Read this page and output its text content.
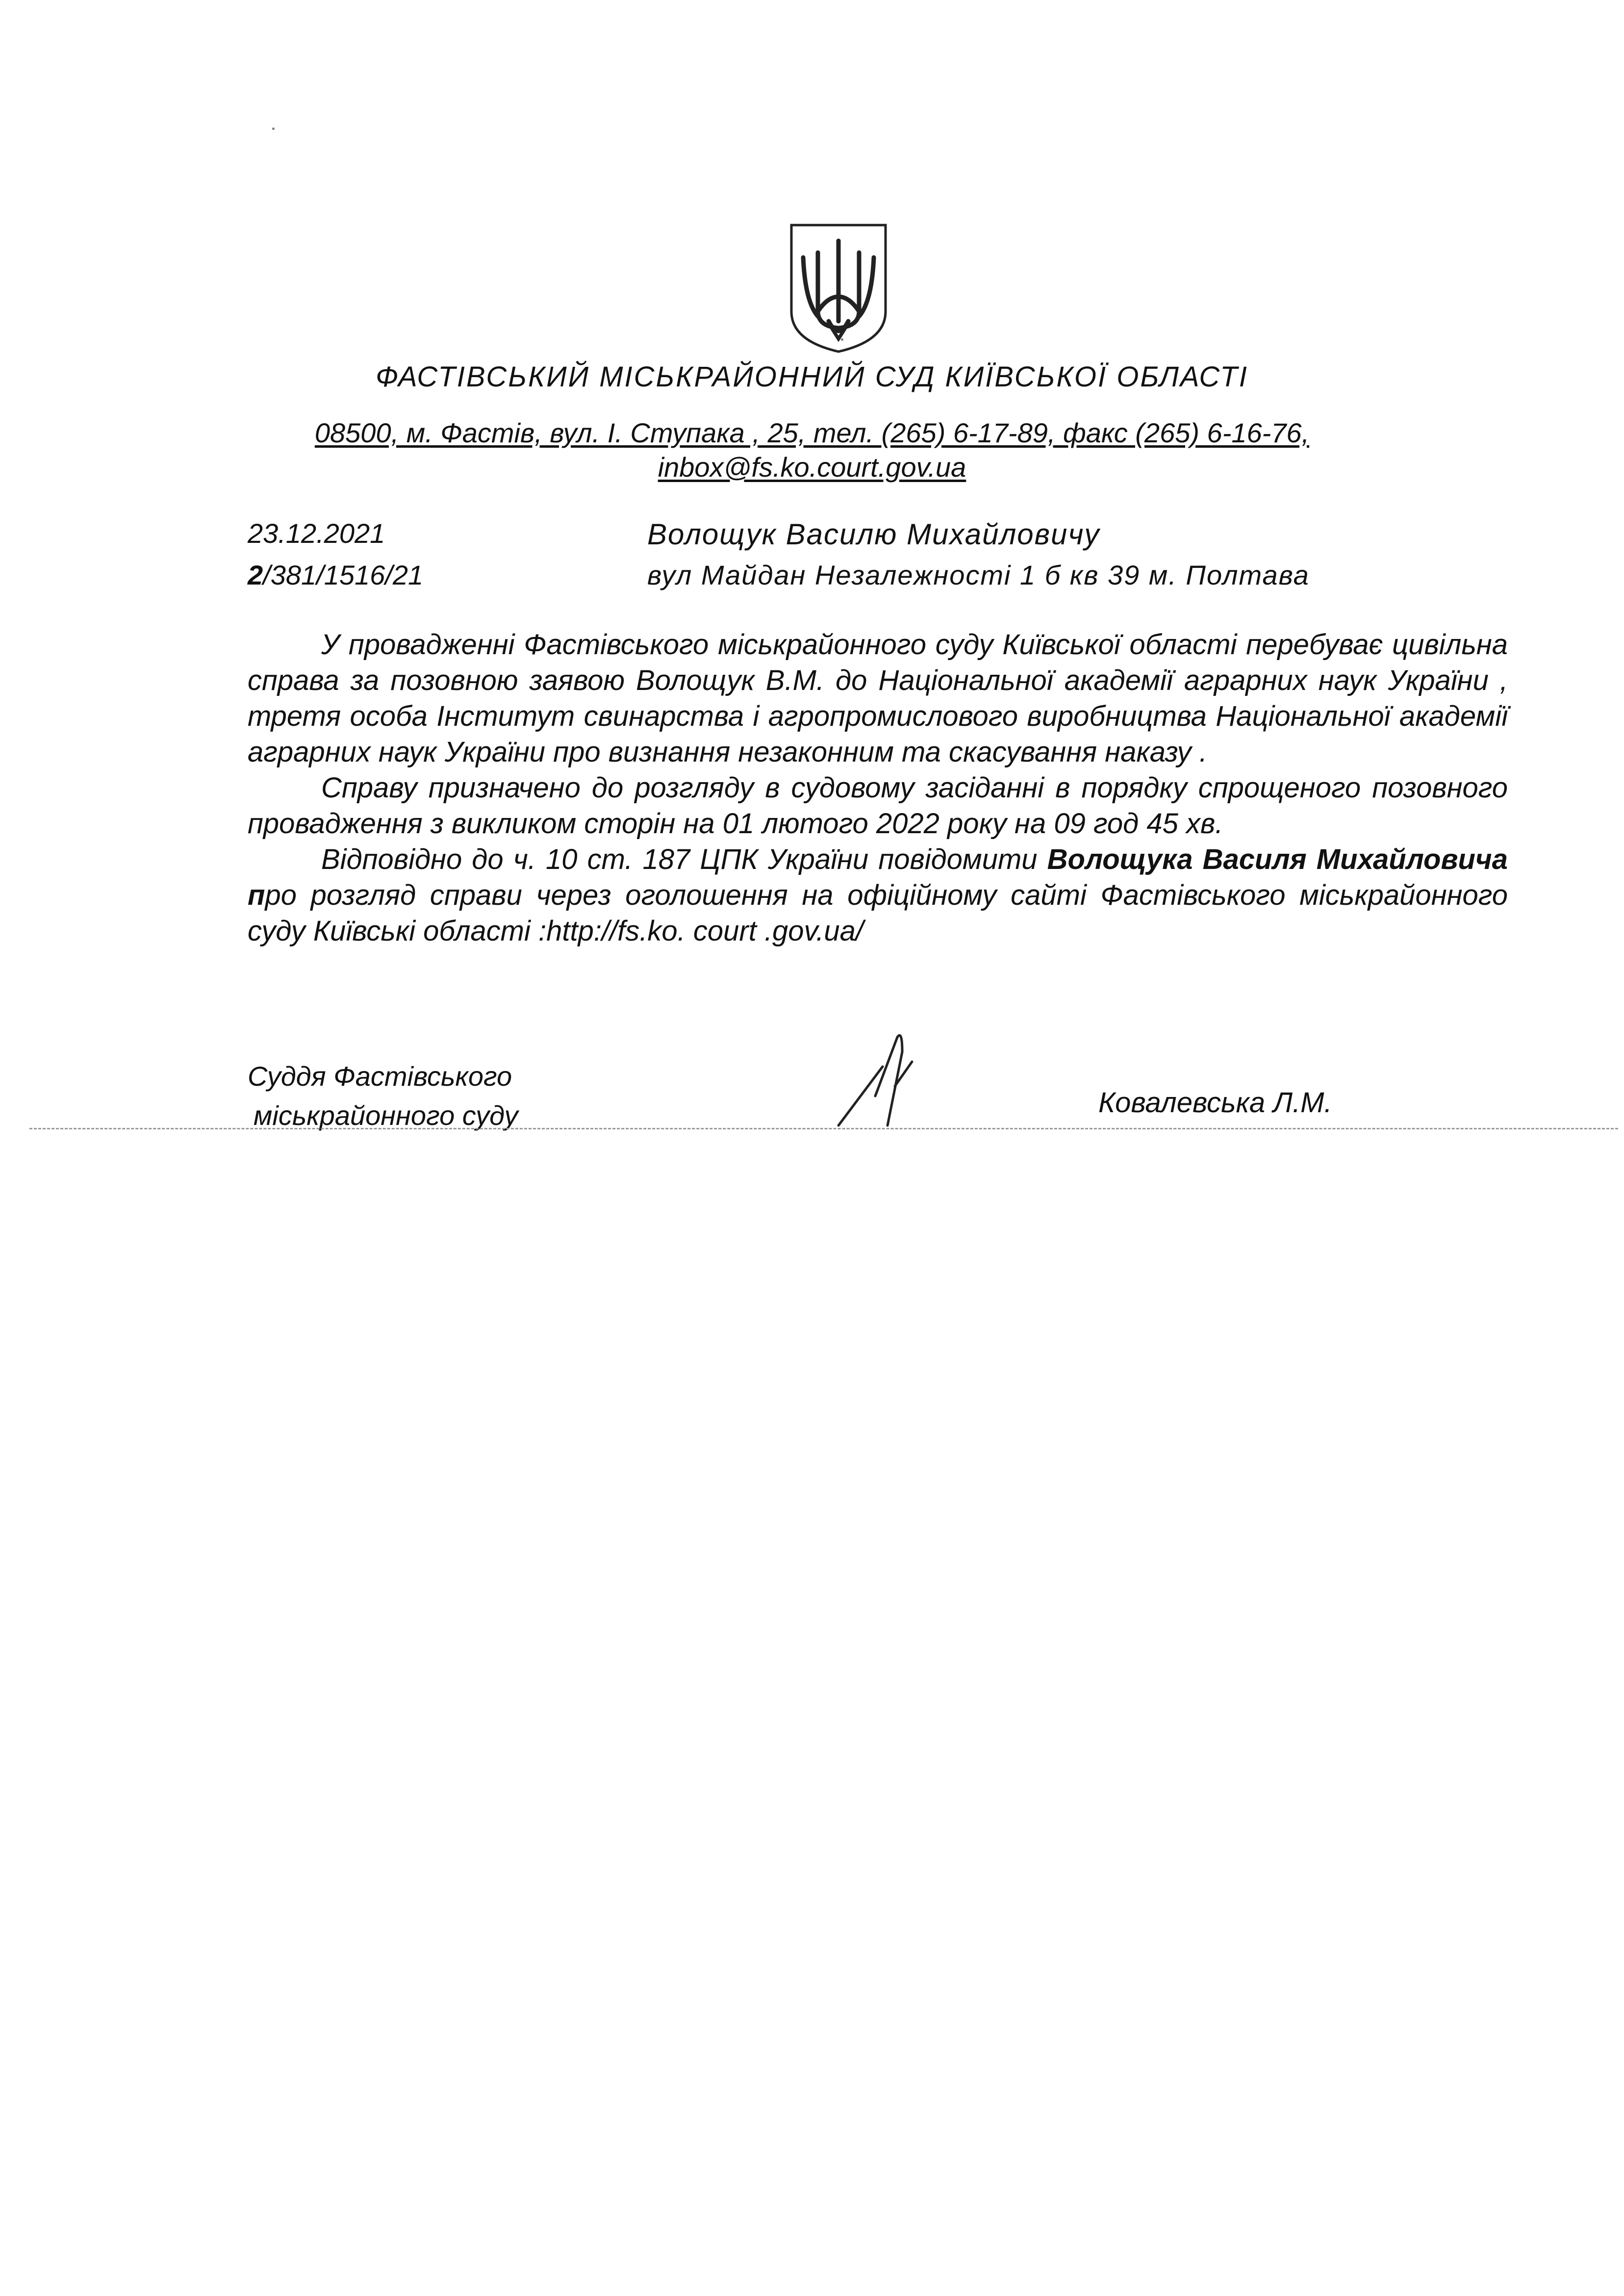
ФАСТІВСЬКИЙ МІСЬКРАЙОННИЙ СУД КИЇВСЬКОЇ ОБЛАСТІ
08500, м. Фастів, вул. І. Ступака , 25, тел. (265) 6-17-89, факс (265) 6-16-76,
inbox@fs.ko.court.gov.ua
23.12.2021
2/381/1516/21
Волощук Василю Михайловичу
вул Майдан Незалежності 1 б кв 39 м. Полтава

У провадженні Фастівського міськрайонного суду Київської області перебуває цивільна справа за позовною заявою Волощук В.М. до Національної академії аграрних наук України , третя особа Інститут свинарства і агропромислового виробництва Національної академії аграрних наук України про визнання незаконним та скасування наказу .

Справу призначено до розгляду в судовому засіданні в порядку спрощеного позовного провадження з викликом сторін на 01 лютого 2022 року на 09 год 45 хв.

Відповідно до ч. 10 ст. 187 ЦПК України повідомити Волощука Василя Михайловича про розгляд справи через оголошення на офіційному сайті Фастівського міськрайонного суду Київські області :http://fs.ko. court .gov.ua/

Суддя Фастівського
міськрайонного суду	Ковалевська Л.М.
